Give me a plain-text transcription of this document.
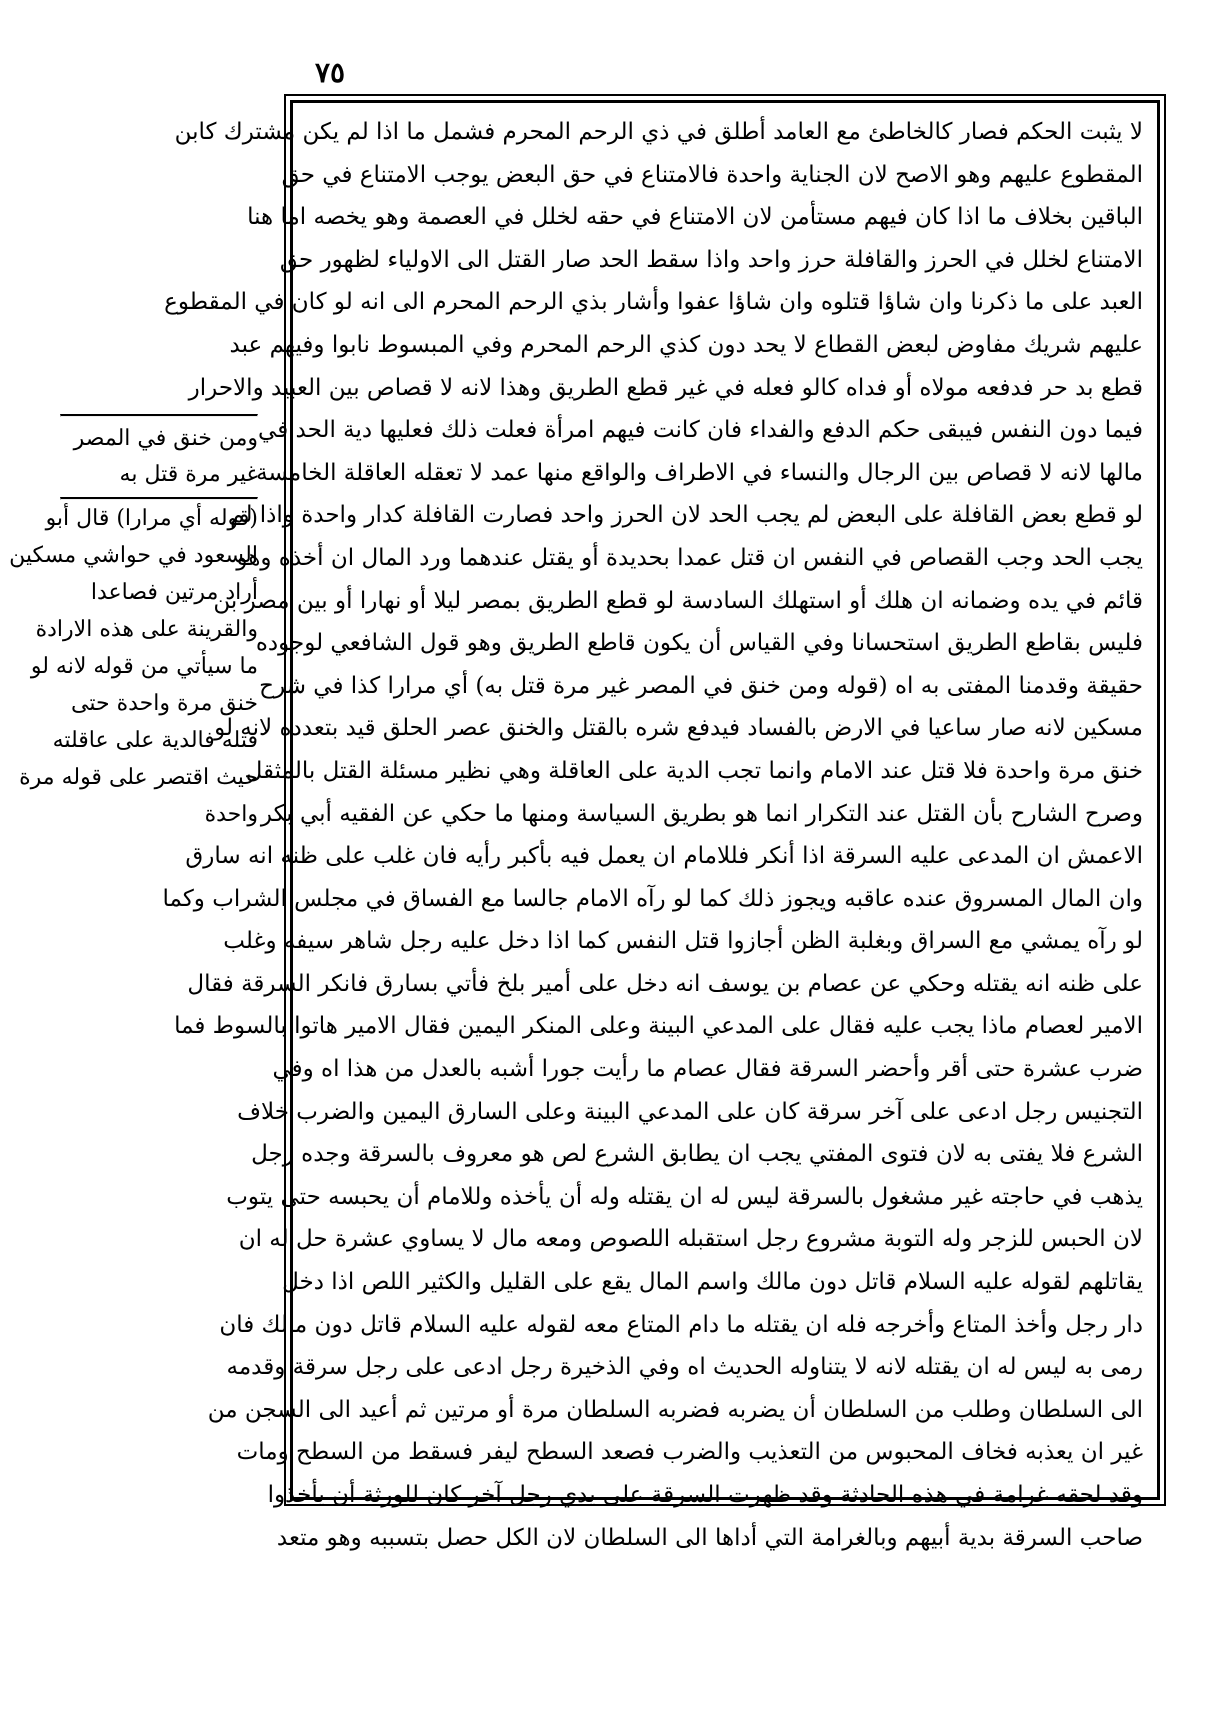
٧٥
لا يثبت الحكم فصار كالخاطئ مع العامد أطلق في ذي الرحم المحرم فشمل ما اذا لم يكن مشترك كابن
المقطوع عليهم وهو الاصح لان الجناية واحدة فالامتناع في حق البعض يوجب الامتناع في حق
الباقين بخلاف ما اذا كان فيهم مستأمن لان الامتناع في حقه لخلل في العصمة وهو يخصه اما هنا
الامتناع لخلل في الحرز والقافلة حرز واحد واذا سقط الحد صار القتل الى الاولياء لظهور حق
العبد على ما ذكرنا وان شاؤا قتلوه وان شاؤا عفوا وأشار بذي الرحم المحرم الى انه لو كان في المقطوع
عليهم شريك مفاوض لبعض القطاع لا يحد دون كذي الرحم المحرم وفي المبسوط نابوا وفيهم عبد
قطع بد حر فدفعه مولاه أو فداه كالو فعله في غير قطع الطريق وهذا لانه لا قصاص بين العبيد والاحرار
فيما دون النفس فيبقى حكم الدفع والفداء فان كانت فيهم امرأة فعلت ذلك فعليها دية الحد في
مالها لانه لا قصاص بين الرجال والنساء في الاطراف والواقع منها عمد لا تعقله العاقلة الخامسة
لو قطع بعض القافلة على البعض لم يجب الحد لان الحرز واحد فصارت القافلة كدار واحدة واذا لم
يجب الحد وجب القصاص في النفس ان قتل عمدا بحديدة أو يقتل عندهما ورد المال ان أخذه وهو
قائم في يده وضمانه ان هلك أو استهلك السادسة لو قطع الطريق بمصر ليلا أو نهارا أو بين مصر بن
فليس بقاطع الطريق استحسانا وفي القياس أن يكون قاطع الطريق وهو قول الشافعي لوجوده
حقيقة وقدمنا المفتى به اه (قوله ومن خنق في المصر غير مرة قتل به) أي مرارا كذا في شرح
مسكين لانه صار ساعيا في الارض بالفساد فيدفع شره بالقتل والخنق عصر الحلق قيد بتعدده لانه لو
خنق مرة واحدة فلا قتل عند الامام وانما تجب الدية على العاقلة وهي نظير مسئلة القتل بالمثقل
وصرح الشارح بأن القتل عند التكرار انما هو بطريق السياسة ومنها ما حكي عن الفقيه أبي بكر
الاعمش ان المدعى عليه السرقة اذا أنكر فللامام ان يعمل فيه بأكبر رأيه فان غلب على ظنه انه سارق
وان المال المسروق عنده عاقبه ويجوز ذلك كما لو رآه الامام جالسا مع الفساق في مجلس الشراب وكما
لو رآه يمشي مع السراق وبغلبة الظن أجازوا قتل النفس كما اذا دخل عليه رجل شاهر سيفه وغلب
على ظنه انه يقتله وحكي عن عصام بن يوسف انه دخل على أمير بلخ فأتي بسارق فانكر السرقة فقال
الامير لعصام ماذا يجب عليه فقال على المدعي البينة وعلى المنكر اليمين فقال الامير هاتوا بالسوط فما
ضرب عشرة حتى أقر وأحضر السرقة فقال عصام ما رأيت جورا أشبه بالعدل من هذا اه وفي
التجنيس رجل ادعى على آخر سرقة كان على المدعي البينة وعلى السارق اليمين والضرب خلاف
الشرع فلا يفتى به لان فتوى المفتي يجب ان يطابق الشرع لص هو معروف بالسرقة وجده رجل
يذهب في حاجته غير مشغول بالسرقة ليس له ان يقتله وله أن يأخذه وللامام أن يحبسه حتى يتوب
لان الحبس للزجر وله التوبة مشروع رجل استقبله اللصوص ومعه مال لا يساوي عشرة حل له ان
يقاتلهم لقوله عليه السلام قاتل دون مالك واسم المال يقع على القليل والكثير اللص اذا دخل
دار رجل وأخذ المتاع وأخرجه فله ان يقتله ما دام المتاع معه لقوله عليه السلام قاتل دون مالك فان
رمى به ليس له ان يقتله لانه لا يتناوله الحديث اه وفي الذخيرة رجل ادعى على رجل سرقة وقدمه
الى السلطان وطلب من السلطان أن يضربه فضربه السلطان مرة أو مرتين ثم أعيد الى السجن من
غير ان يعذبه فخاف المحبوس من التعذيب والضرب فصعد السطح ليفر فسقط من السطح ومات
وقد لحقه غرامة في هذه الحادثة وقد ظهرت السرقة على يدي رجل آخر كان للورثة أن يأخذوا
صاحب السرقة بدية أبيهم وبالغرامة التي أداها الى السلطان لان الكل حصل بتسببه وهو متعد
ومن خنق في المصر غير مرة قتل به
(قوله أي مرارا) قال أبو
السعود في حواشي مسكين
أراد مرتين فصاعدا
والقرينة على هذه الارادة
ما سيأتي من قوله لانه لو
خنق مرة واحدة حتى
قتله فالدية على عاقلته
حيث اقتصر على قوله مرة
واحدة
